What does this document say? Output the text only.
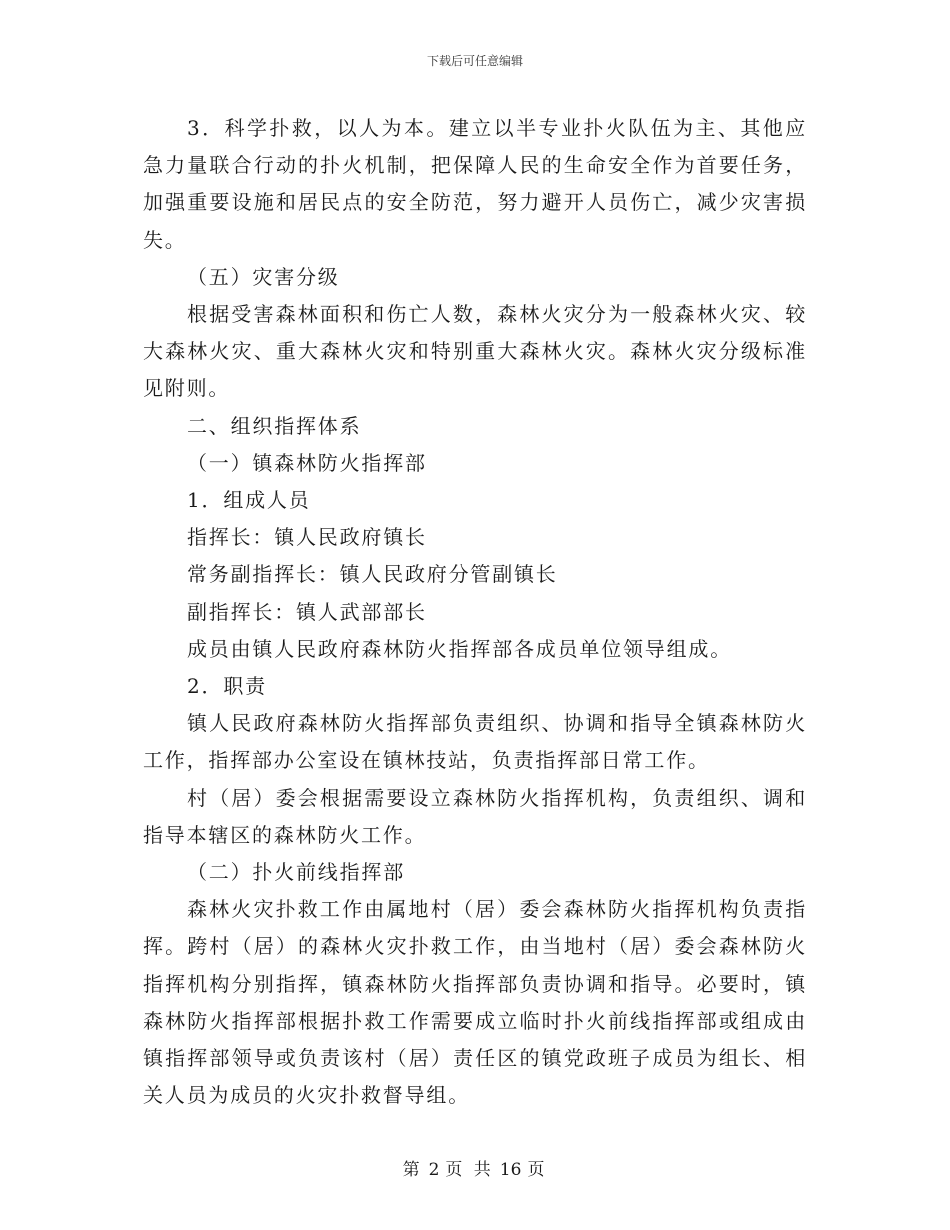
下载后可任意编辑

3．科学扑救，以人为本。建立以半专业扑火队伍为主、其他应急力量联合行动的扑火机制，把保障人民的生命安全作为首要任务，加强重要设施和居民点的安全防范，努力避开人员伤亡，减少灾害损失。

（五）灾害分级

根据受害森林面积和伤亡人数，森林火灾分为一般森林火灾、较大森林火灾、重大森林火灾和特别重大森林火灾。森林火灾分级标准见附则。

二、组织指挥体系

（一）镇森林防火指挥部

1．组成人员

指挥长：镇人民政府镇长

常务副指挥长：镇人民政府分管副镇长

副指挥长：镇人武部部长

成员由镇人民政府森林防火指挥部各成员单位领导组成。

2．职责

镇人民政府森林防火指挥部负责组织、协调和指导全镇森林防火工作，指挥部办公室设在镇林技站，负责指挥部日常工作。

村（居）委会根据需要设立森林防火指挥机构，负责组织、调和指导本辖区的森林防火工作。

（二）扑火前线指挥部

森林火灾扑救工作由属地村（居）委会森林防火指挥机构负责指挥。跨村（居）的森林火灾扑救工作，由当地村（居）委会森林防火指挥机构分别指挥，镇森林防火指挥部负责协调和指导。必要时，镇森林防火指挥部根据扑救工作需要成立临时扑火前线指挥部或组成由镇指挥部领导或负责该村（居）责任区的镇党政班子成员为组长、相关人员为成员的火灾扑救督导组。

第 2 页 共 16 页
